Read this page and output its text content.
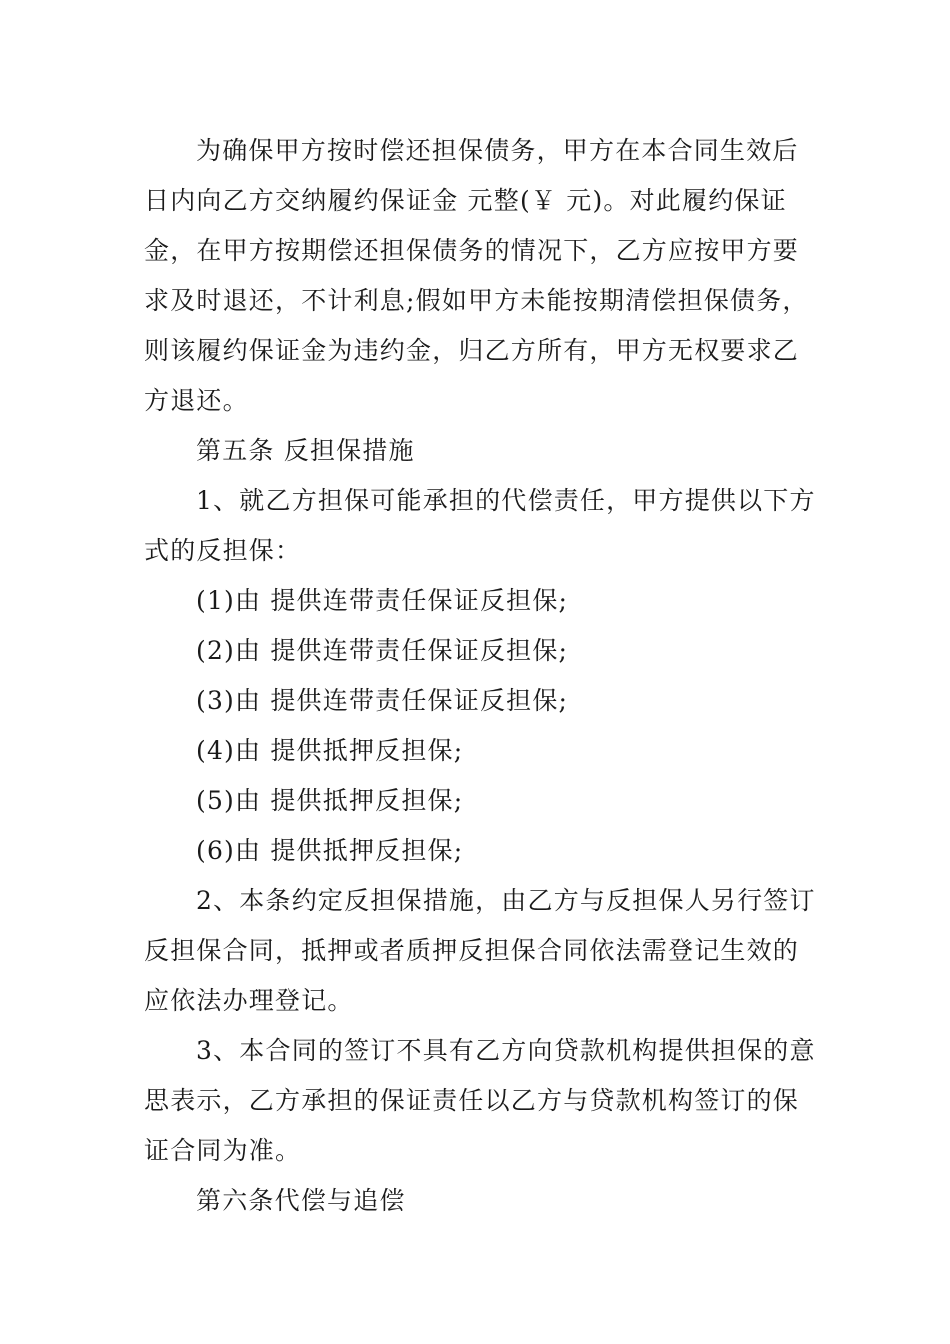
为确保甲方按时偿还担保债务，甲方在本合同生效后
日内向乙方交纳履约保证金 元整(￥ 元)。对此履约保证
金，在甲方按期偿还担保债务的情况下，乙方应按甲方要
求及时退还，不计利息;假如甲方未能按期清偿担保债务，
则该履约保证金为违约金，归乙方所有，甲方无权要求乙
方退还。
第五条 反担保措施
1、就乙方担保可能承担的代偿责任，甲方提供以下方
式的反担保：
(1)由 提供连带责任保证反担保;
(2)由 提供连带责任保证反担保;
(3)由 提供连带责任保证反担保;
(4)由 提供抵押反担保;
(5)由 提供抵押反担保;
(6)由 提供抵押反担保;
2、本条约定反担保措施，由乙方与反担保人另行签订
反担保合同，抵押或者质押反担保合同依法需登记生效的
应依法办理登记。
3、本合同的签订不具有乙方向贷款机构提供担保的意
思表示，乙方承担的保证责任以乙方与贷款机构签订的保
证合同为准。
第六条代偿与追偿
